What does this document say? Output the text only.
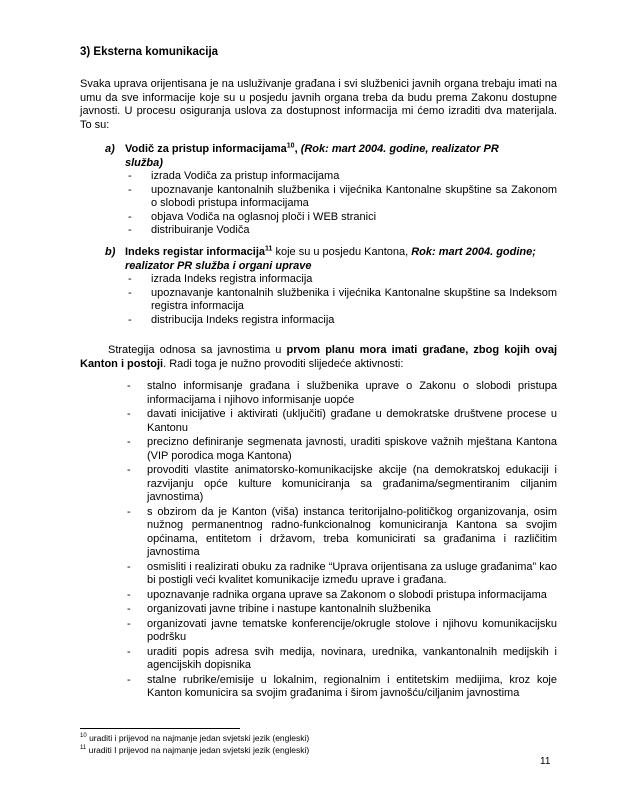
3) Eksterna komunikacija
Svaka uprava orijentisana je na usluživanje građana i svi službenici javnih organa trebaju imati na umu da sve informacije koje su u posjedu javnih organa treba da budu prema Zakonu dostupne javnosti. U procesu osiguranja uslova za dostupnost informacija mi ćemo izraditi dva materijala. To su:
a) Vodič za pristup informacijama$^{10}$, (Rok: mart 2004. godine, realizator PR
služba)
- izrada Vodiča za pristup informacijama
- upoznavanje kantonalnih službenika i vijećnika Kantonalne skupštine sa Zakonom o slobodi pristupa informacijama
- objava Vodiča na oglasnoj ploči i WEB stranici
- distribuiranje Vodiča
b) Indeks registar informacija$^{11}$ koje su u posjedu Kantona, Rok: mart 2004. godine;
realizator PR služba i organi uprave
- izrada Indeks registra informacija
- upoznavanje kantonalnih službenika i vijećnika Kantonalne skupštine sa Indeksom registra informacija
- distribucija Indeks registra informacija
Strategija odnosa sa javnostima u prvom planu mora imati građane, zbog kojih ovaj Kanton i postoji. Radi toga je nužno provoditi slijedeće aktivnosti:
- stalno informisanje građana i službenika uprave o Zakonu o slobodi pristupa informacijama i njihovo informisanje uopće
- davati inicijative i aktivirati (uključiti) građane u demokratske društvene procese u Kantonu
- precizno definiranje segmenata javnosti, uraditi spiskove važnih mještana Kantona (VIP porodica moga Kantona)
- provoditi vlastite animatorsko-komunikacijske akcije (na demokratskoj edukaciji i razvijanju opće kulture komuniciranja sa građanima/segmentiranim ciljanim javnostima)
- s obzirom da je Kanton (viša) instanca teritorijalno-političkog organizovanja, osim nužnog permanentnog radno-funkcionalnog komuniciranja Kantona sa svojim općinama, entitetom i državom, treba komunicirati sa građanima i različitim javnostima
- osmisliti i realizirati obuku za radnike “Uprava orijentisana za usluge građanima” kao bi postigli veći kvalitet komunikacije između uprave i građana.
- upoznavanje radnika organa uprave sa Zakonom o slobodi pristupa informacijama
- organizovati javne tribine i nastupe kantonalnih službenika
- organizovati javne tematske konferencije/okrugle stolove i njihovu komunikacijsku podršku
- uraditi popis adresa svih medija, novinara, urednika, vankantonalnih medijskih i agencijskih dopisnika
- stalne rubrike/emisije u lokalnim, regionalnim i entitetskim medijima, kroz koje Kanton komunicira sa svojim građanima i širom javnošću/ciljanim javnostima
$^{10}$ uraditi i prijevod na najmanje jedan svjetski jezik (engleski)
$^{11}$ uraditi I prijevod na najmanje jedan svjetski jezik (engleski)
11
